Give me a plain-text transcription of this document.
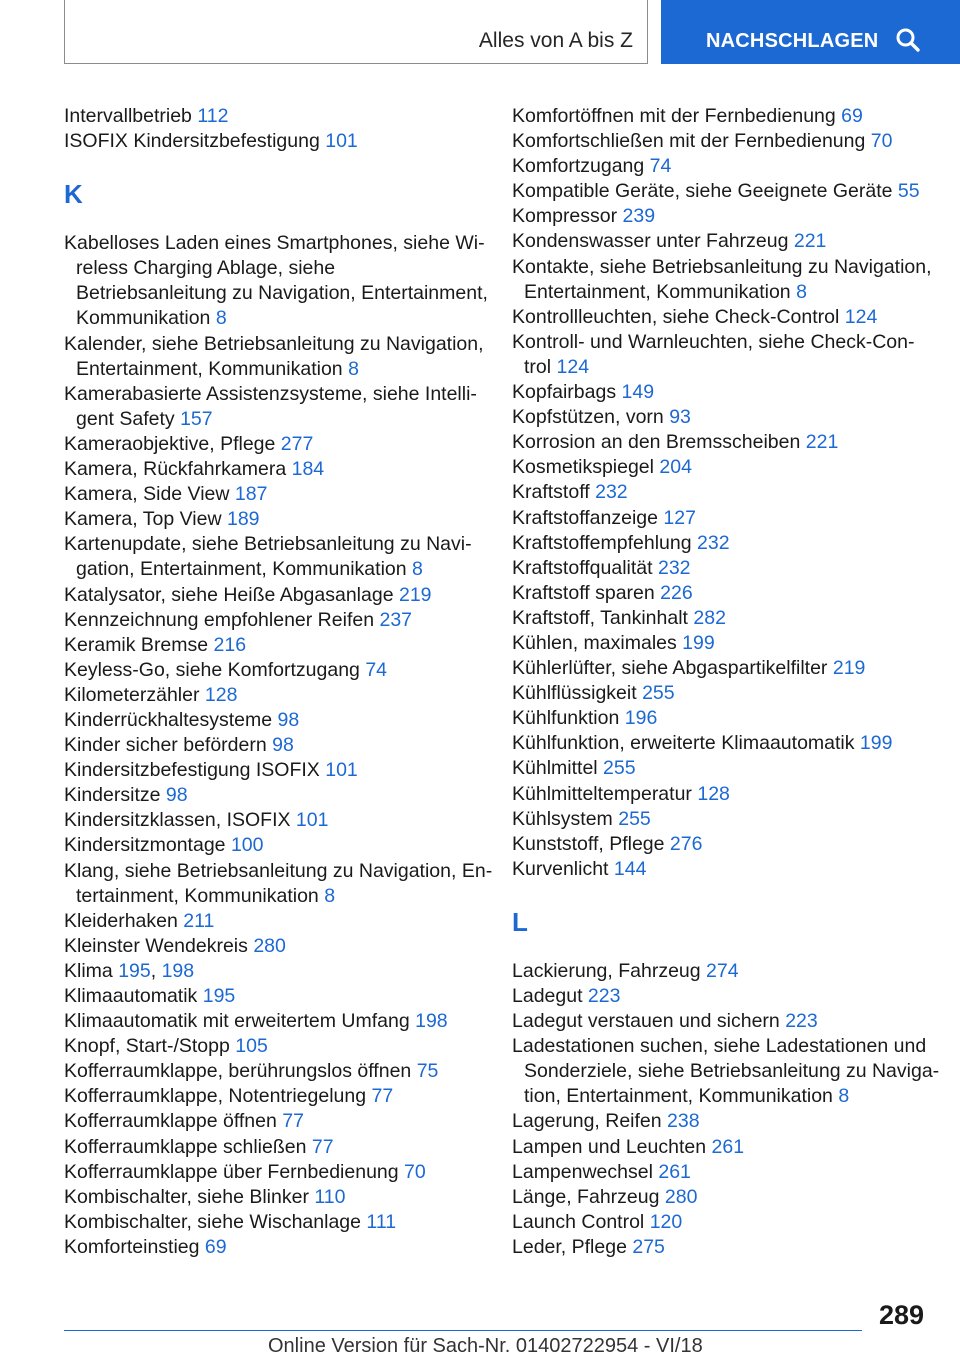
Alles von A bis Z	NACHSCHLAGEN
Intervallbetrieb 112
ISOFIX Kindersitzbefestigung 101
K
Kabelloses Laden eines Smartphones, siehe Wi-
reless Charging Ablage, siehe
Betriebsanleitung zu Navigation, Entertainment,
Kommunikation 8
Kalender, siehe Betriebsanleitung zu Navigation,
Entertainment, Kommunikation 8
Kamerabasierte Assistenzsysteme, siehe Intelli-
gent Safety 157
Kameraobjektive, Pflege 277
Kamera, Rückfahrkamera 184
Kamera, Side View 187
Kamera, Top View 189
Kartenupdate, siehe Betriebsanleitung zu Navi-
gation, Entertainment, Kommunikation 8
Katalysator, siehe Heiße Abgasanlage 219
Kennzeichnung empfohlener Reifen 237
Keramik Bremse 216
Keyless-Go, siehe Komfortzugang 74
Kilometerzähler 128
Kinderrückhaltesysteme 98
Kinder sicher befördern 98
Kindersitzbefestigung ISOFIX 101
Kindersitze 98
Kindersitzklassen, ISOFIX 101
Kindersitzmontage 100
Klang, siehe Betriebsanleitung zu Navigation, En-
tertainment, Kommunikation 8
Kleiderhaken 211
Kleinster Wendekreis 280
Klima 195, 198
Klimaautomatik 195
Klimaautomatik mit erweitertem Umfang 198
Knopf, Start-/Stopp 105
Kofferraumklappe, berührungslos öffnen 75
Kofferraumklappe, Notentriegelung 77
Kofferraumklappe öffnen 77
Kofferraumklappe schließen 77
Kofferraumklappe über Fernbedienung 70
Kombischalter, siehe Blinker 110
Kombischalter, siehe Wischanlage 111
Komforteinstieg 69
Komfortöffnen mit der Fernbedienung 69
Komfortschließen mit der Fernbedienung 70
Komfortzugang 74
Kompatible Geräte, siehe Geeignete Geräte 55
Kompressor 239
Kondenswasser unter Fahrzeug 221
Kontakte, siehe Betriebsanleitung zu Navigation,
Entertainment, Kommunikation 8
Kontrollleuchten, siehe Check-Control 124
Kontroll- und Warnleuchten, siehe Check-Con-
trol 124
Kopfairbags 149
Kopfstützen, vorn 93
Korrosion an den Bremsscheiben 221
Kosmetikspiegel 204
Kraftstoff 232
Kraftstoffanzeige 127
Kraftstoffempfehlung 232
Kraftstoffqualität 232
Kraftstoff sparen 226
Kraftstoff, Tankinhalt 282
Kühlen, maximales 199
Kühlerlüfter, siehe Abgaspartikelfilter 219
Kühlflüssigkeit 255
Kühlfunktion 196
Kühlfunktion, erweiterte Klimaautomatik 199
Kühlmittel 255
Kühlmitteltemperatur 128
Kühlsystem 255
Kunststoff, Pflege 276
Kurvenlicht 144
L
Lackierung, Fahrzeug 274
Ladegut 223
Ladegut verstauen und sichern 223
Ladestationen suchen, siehe Ladestationen und
Sonderziele, siehe Betriebsanleitung zu Naviga-
tion, Entertainment, Kommunikation 8
Lagerung, Reifen 238
Lampen und Leuchten 261
Lampenwechsel 261
Länge, Fahrzeug 280
Launch Control 120
Leder, Pflege 275
289
Online Version für Sach-Nr. 01402722954 - VI/18
